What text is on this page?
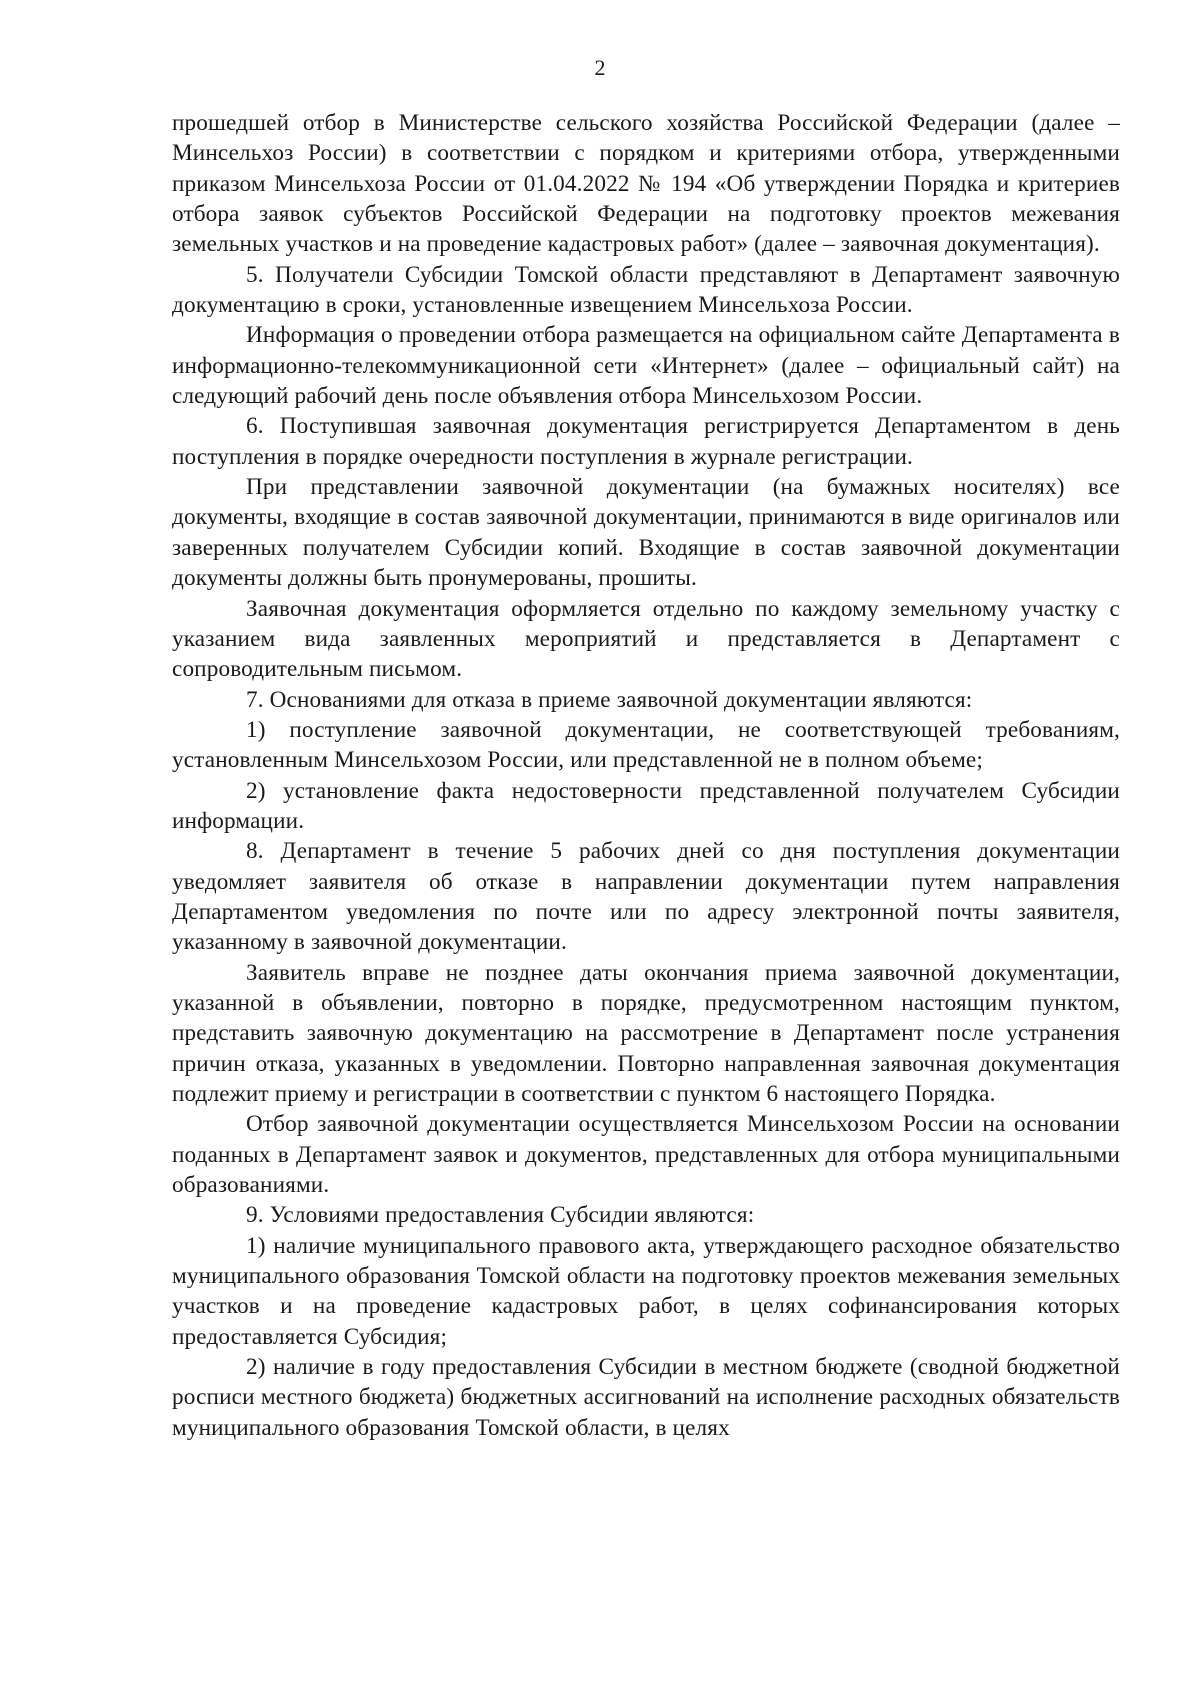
2

прошедшей отбор в Министерстве сельского хозяйства Российской Федерации (далее – Минсельхоз России) в соответствии с порядком и критериями отбора, утвержденными приказом Минсельхоза России от 01.04.2022 № 194 «Об утверждении Порядка и критериев отбора заявок субъектов Российской Федерации на подготовку проектов межевания земельных участков и на проведение кадастровых работ» (далее – заявочная документация).

5. Получатели Субсидии Томской области представляют в Департамент заявочную документацию в сроки, установленные извещением Минсельхоза России.

Информация о проведении отбора размещается на официальном сайте Департамента в информационно-телекоммуникационной сети «Интернет» (далее – официальный сайт) на следующий рабочий день после объявления отбора Минсельхозом России.

6. Поступившая заявочная документация регистрируется Департаментом в день поступления в порядке очередности поступления в журнале регистрации.

При представлении заявочной документации (на бумажных носителях) все документы, входящие в состав заявочной документации, принимаются в виде оригиналов или заверенных получателем Субсидии копий. Входящие в состав заявочной документации документы должны быть пронумерованы, прошиты.

Заявочная документация оформляется отдельно по каждому земельному участку с указанием вида заявленных мероприятий и представляется в Департамент с сопроводительным письмом.

7. Основаниями для отказа в приеме заявочной документации являются:

1) поступление заявочной документации, не соответствующей требованиям, установленным Минсельхозом России, или представленной не в полном объеме;

2) установление факта недостоверности представленной получателем Субсидии информации.

8. Департамент в течение 5 рабочих дней со дня поступления документации уведомляет заявителя об отказе в направлении документации путем направления Департаментом уведомления по почте или по адресу электронной почты заявителя, указанному в заявочной документации.

Заявитель вправе не позднее даты окончания приема заявочной документации, указанной в объявлении, повторно в порядке, предусмотренном настоящим пунктом, представить заявочную документацию на рассмотрение в Департамент после устранения причин отказа, указанных в уведомлении. Повторно направленная заявочная документация подлежит приему и регистрации в соответствии с пунктом 6 настоящего Порядка.

Отбор заявочной документации осуществляется Минсельхозом России на основании поданных в Департамент заявок и документов, представленных для отбора муниципальными образованиями.

9. Условиями предоставления Субсидии являются:

1) наличие муниципального правового акта, утверждающего расходное обязательство муниципального образования Томской области на подготовку проектов межевания земельных участков и на проведение кадастровых работ, в целях софинансирования которых предоставляется Субсидия;

2) наличие в году предоставления Субсидии в местном бюджете (сводной бюджетной росписи местного бюджета) бюджетных ассигнований на исполнение расходных обязательств муниципального образования Томской области, в целях
